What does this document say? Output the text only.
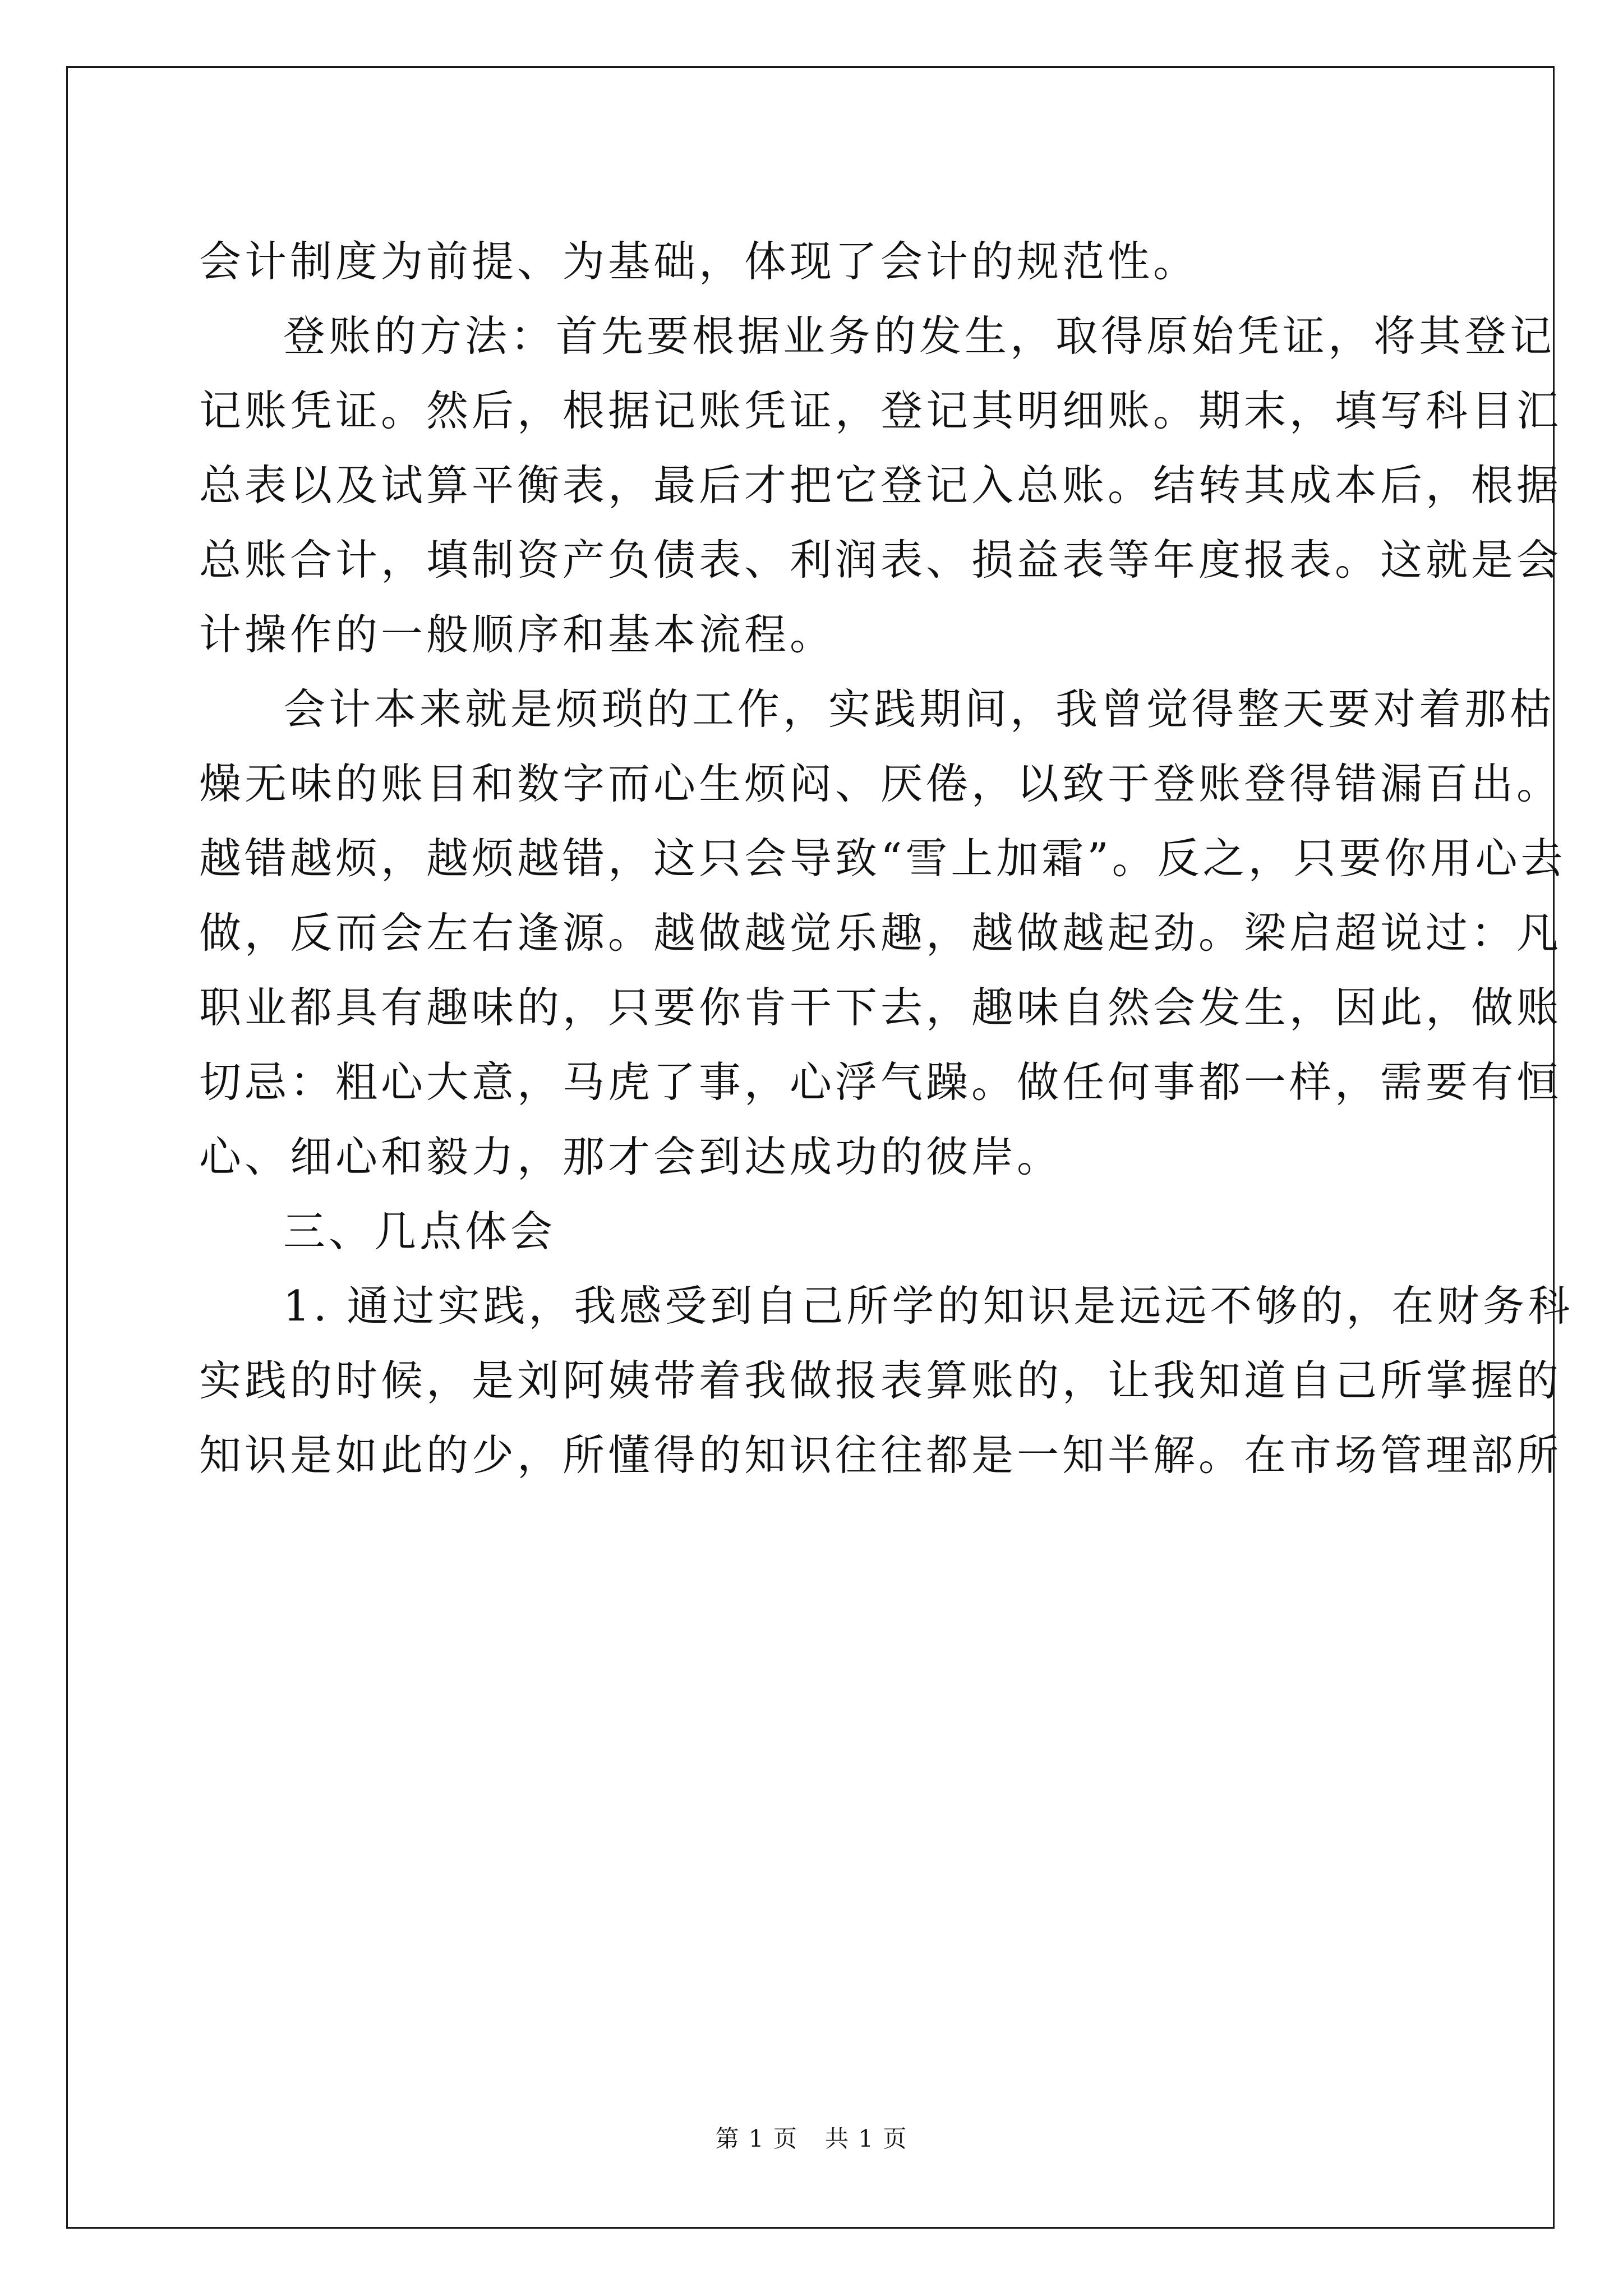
会计制度为前提、为基础，体现了会计的规范性。
登账的方法：首先要根据业务的发生，取得原始凭证，将其登记
记账凭证。然后，根据记账凭证，登记其明细账。期末，填写科目汇
总表以及试算平衡表，最后才把它登记入总账。结转其成本后，根据
总账合计，填制资产负债表、利润表、损益表等年度报表。这就是会
计操作的一般顺序和基本流程。
会计本来就是烦琐的工作，实践期间，我曾觉得整天要对着那枯
燥无味的账目和数字而心生烦闷、厌倦，以致于登账登得错漏百出。
越错越烦，越烦越错，这只会导致“雪上加霜”。反之，只要你用心去
做，反而会左右逢源。越做越觉乐趣，越做越起劲。梁启超说过：凡
职业都具有趣味的，只要你肯干下去，趣味自然会发生，因此，做账
切忌：粗心大意，马虎了事，心浮气躁。做任何事都一样，需要有恒
心、细心和毅力，那才会到达成功的彼岸。
三、几点体会
1. 通过实践，我感受到自己所学的知识是远远不够的，在财务科
实践的时候，是刘阿姨带着我做报表算账的，让我知道自己所掌握的
知识是如此的少，所懂得的知识往往都是一知半解。在市场管理部所
第 1 页 共 1 页
